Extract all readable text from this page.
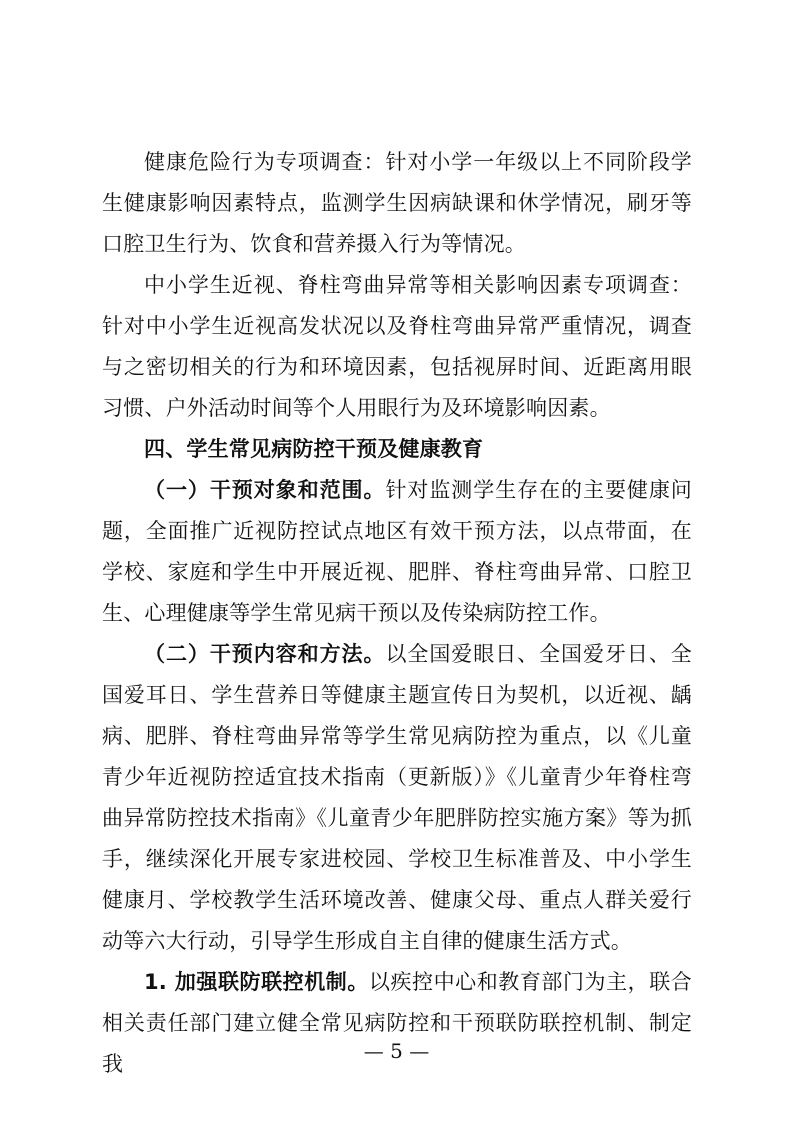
健康危险行为专项调查：针对小学一年级以上不同阶段学生健康影响因素特点，监测学生因病缺课和休学情况，刷牙等口腔卫生行为、饮食和营养摄入行为等情况。

中小学生近视、脊柱弯曲异常等相关影响因素专项调查：针对中小学生近视高发状况以及脊柱弯曲异常严重情况，调查与之密切相关的行为和环境因素，包括视屏时间、近距离用眼习惯、户外活动时间等个人用眼行为及环境影响因素。

四、学生常见病防控干预及健康教育

（一）干预对象和范围。针对监测学生存在的主要健康问题，全面推广近视防控试点地区有效干预方法，以点带面，在学校、家庭和学生中开展近视、肥胖、脊柱弯曲异常、口腔卫生、心理健康等学生常见病干预以及传染病防控工作。

（二）干预内容和方法。以全国爱眼日、全国爱牙日、全国爱耳日、学生营养日等健康主题宣传日为契机，以近视、龋病、肥胖、脊柱弯曲异常等学生常见病防控为重点，以《儿童青少年近视防控适宜技术指南（更新版）》《儿童青少年脊柱弯曲异常防控技术指南》《儿童青少年肥胖防控实施方案》等为抓手，继续深化开展专家进校园、学校卫生标准普及、中小学生健康月、学校教学生活环境改善、健康父母、重点人群关爱行动等六大行动，引导学生形成自主自律的健康生活方式。

1. 加强联防联控机制。以疾控中心和教育部门为主，联合相关责任部门建立健全常见病防控和干预联防联控机制、制定我

— 5 —
